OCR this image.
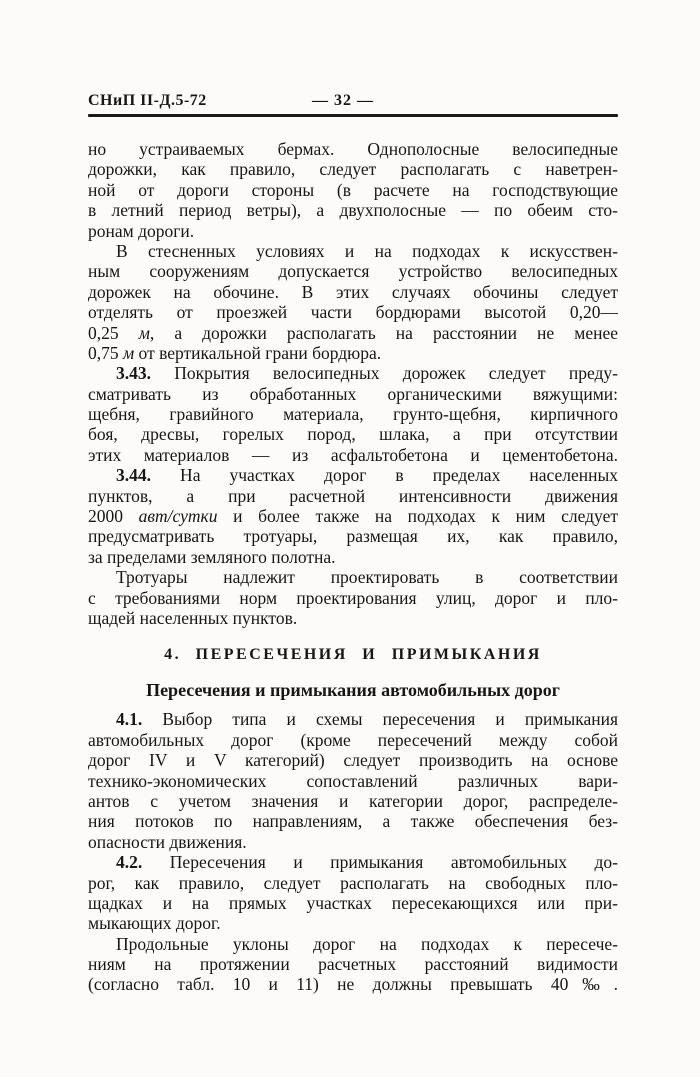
СНиП II-Д.5-72	— 32 —
но устраиваемых бермах. Однополосные велосипедные
дорожки, как правило, следует располагать с наветрен-
ной от дороги стороны (в расчете на господствующие
в летний период ветры), а двухполосные — по обеим сто-
ронам дороги.
В стесненных условиях и на подходах к искусствен-
ным сооружениям допускается устройство велосипедных
дорожек на обочине. В этих случаях обочины следует
отделять от проезжей части бордюрами высотой 0,20—
0,25 м, а дорожки располагать на расстоянии не менее
0,75 м от вертикальной грани бордюра.
3.43. Покрытия велосипедных дорожек следует преду-
сматривать из обработанных органическими вяжущими:
щебня, гравийного материала, грунто-щебня, кирпичного
боя, дресвы, горелых пород, шлака, а при отсутствии
этих материалов — из асфальтобетона и цементобетона.
3.44. На участках дорог в пределах населенных
пунктов, а при расчетной интенсивности движения
2000 авт/сутки и более также на подходах к ним следует
предусматривать тротуары, размещая их, как правило,
за пределами земляного полотна.
Тротуары надлежит проектировать в соответствии
с требованиями норм проектирования улиц, дорог и пло-
щадей населенных пунктов.
4. ПЕРЕСЕЧЕНИЯ И ПРИМЫКАНИЯ
Пересечения и примыкания автомобильных дорог
4.1. Выбор типа и схемы пересечения и примыкания
автомобильных дорог (кроме пересечений между собой
дорог IV и V категорий) следует производить на основе
технико-экономических сопоставлений различных вари-
антов с учетом значения и категории дорог, распределе-
ния потоков по направлениям, а также обеспечения без-
опасности движения.
4.2. Пересечения и примыкания автомобильных до-
рог, как правило, следует располагать на свободных пло-
щадках и на прямых участках пересекающихся или при-
мыкающих дорог.
Продольные уклоны дорог на подходах к пересече-
ниям на протяжении расчетных расстояний видимости
(согласно табл. 10 и 11) не должны превышать 40‰.
